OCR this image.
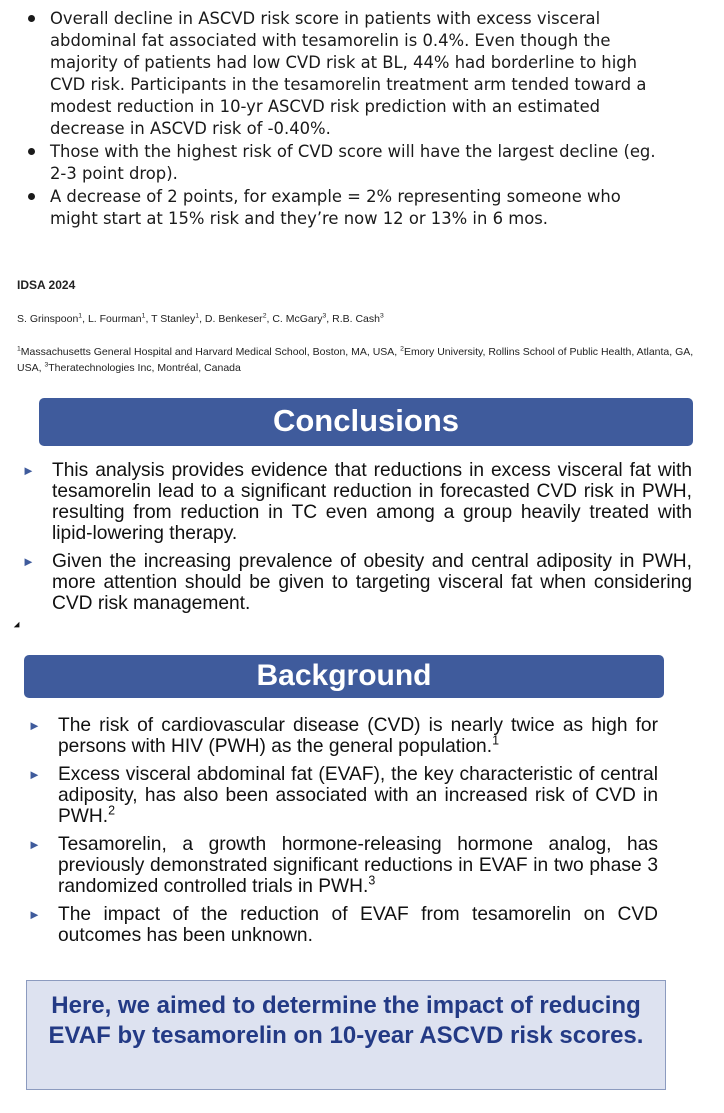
Overall decline in ASCVD risk score in patients with excess visceral abdominal fat associated with tesamorelin is 0.4%. Even though the majority of patients had low CVD risk at BL, 44% had borderline to high CVD risk. Participants in the tesamorelin treatment arm tended toward a modest reduction in 10-yr ASCVD risk prediction with an estimated decrease in ASCVD risk of -0.40%.
Those with the highest risk of CVD score will have the largest decline (eg. 2-3 point drop).
A decrease of 2 points, for example = 2% representing someone who might start at 15% risk and they’re now 12 or 13% in 6 mos.
IDSA 2024
S. Grinspoon$^1$, L. Fourman$^1$, T Stanley$^1$, D. Benkeser$^2$, C. McGary$^3$, R.B. Cash$^3$
$^1$Massachusetts General Hospital and Harvard Medical School, Boston, MA, USA, $^2$Emory University, Rollins School of Public Health, Atlanta, GA, USA, $^3$Theratechnologies Inc, Montréal, Canada
Conclusions
► This analysis provides evidence that reductions in excess visceral fat with tesamorelin lead to a significant reduction in forecasted CVD risk in PWH, resulting from reduction in TC even among a group heavily treated with lipid-lowering therapy.
► Given the increasing prevalence of obesity and central adiposity in PWH, more attention should be given to targeting visceral fat when considering CVD risk management.
Background
► The risk of cardiovascular disease (CVD) is nearly twice as high for persons with HIV (PWH) as the general population.$^1$
► Excess visceral abdominal fat (EVAF), the key characteristic of central adiposity, has also been associated with an increased risk of CVD in PWH.$^2$
► Tesamorelin, a growth hormone-releasing hormone analog, has previously demonstrated significant reductions in EVAF in two phase 3 randomized controlled trials in PWH.$^3$
► The impact of the reduction of EVAF from tesamorelin on CVD outcomes has been unknown.
Here, we aimed to determine the impact of reducing EVAF by tesamorelin on 10-year ASCVD risk scores.
